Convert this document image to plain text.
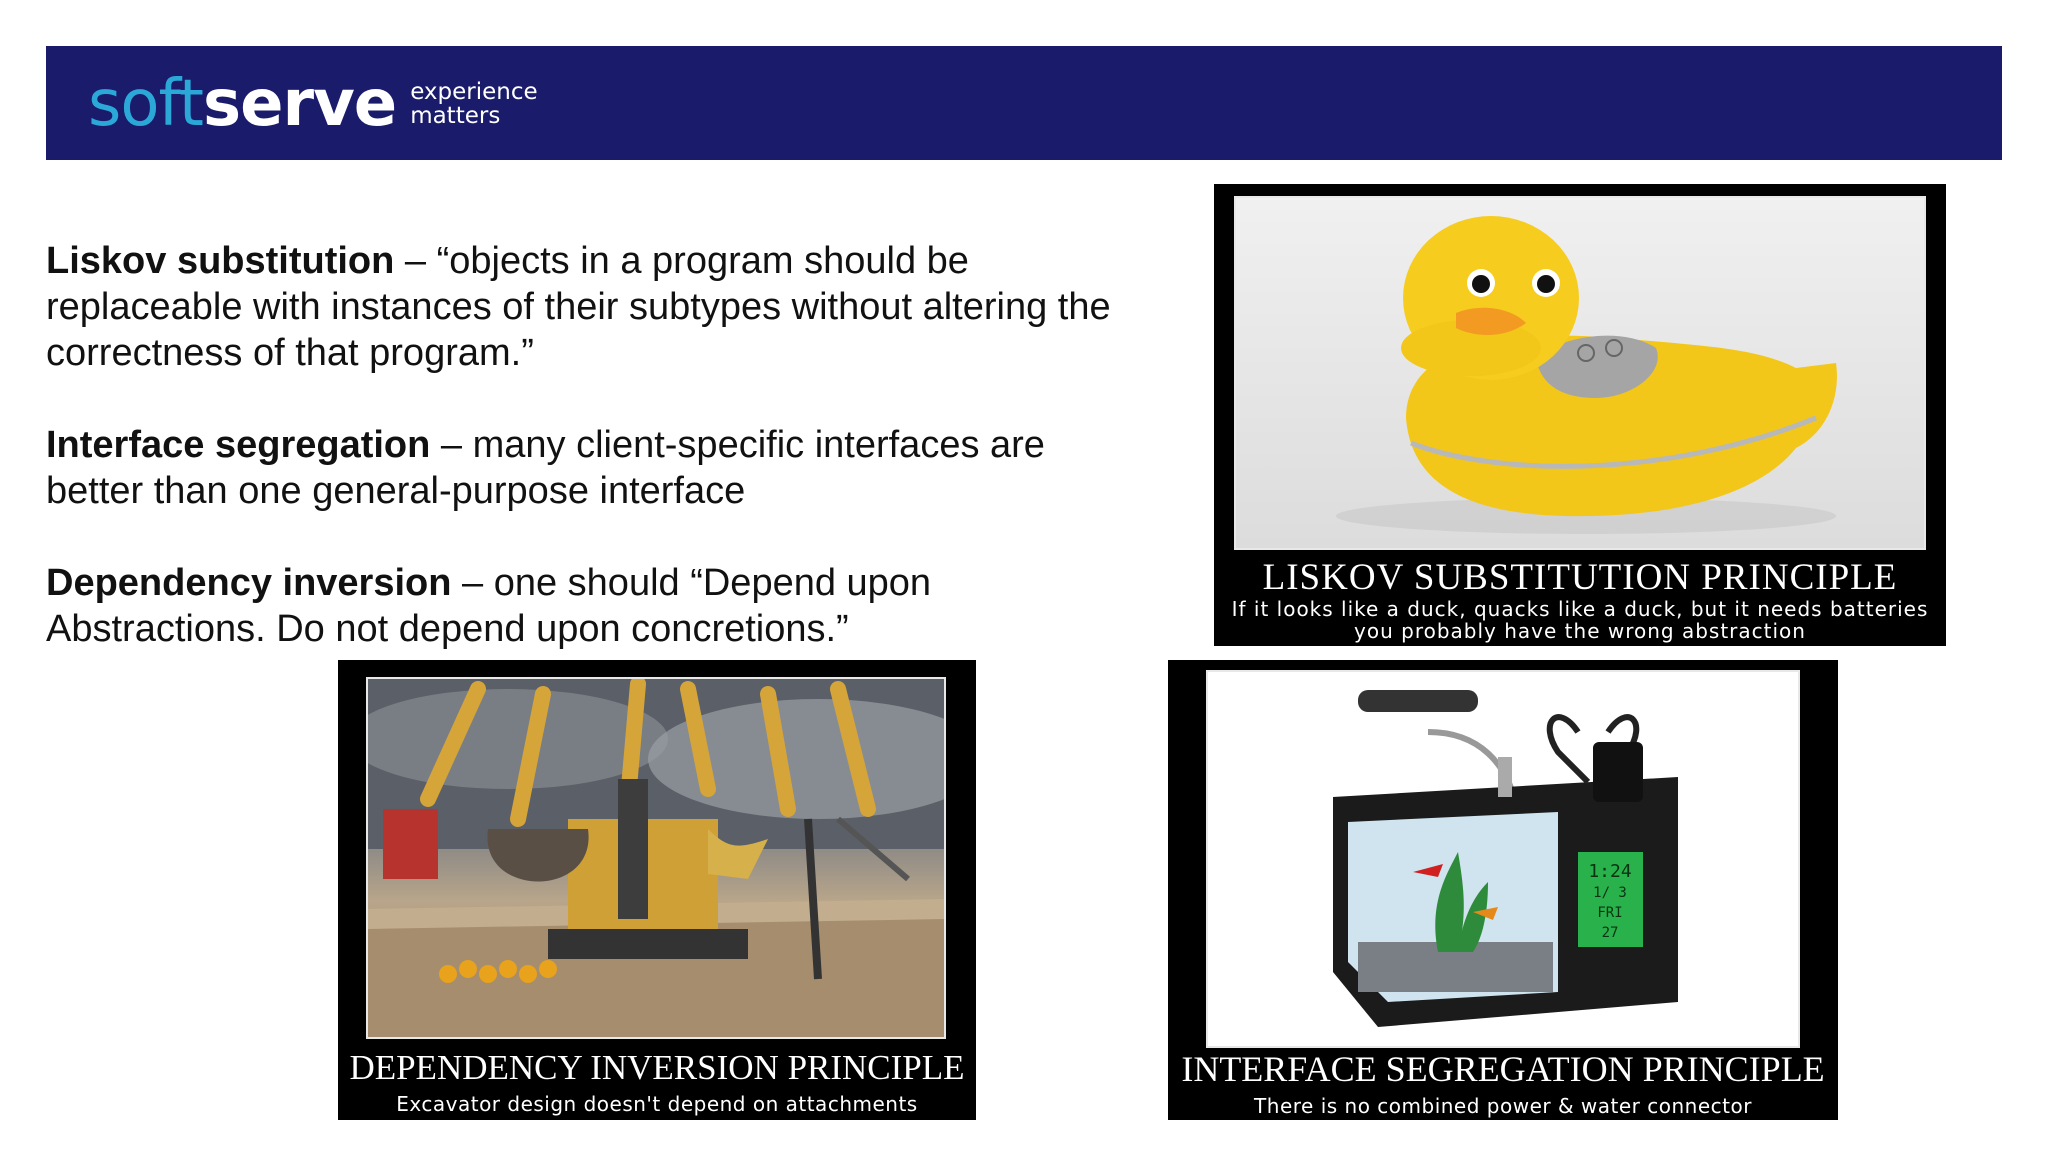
soft serve experience
matters

Liskov substitution – “objects in a program should be replaceable with instances of their subtypes without altering the correctness of that program.”

Interface segregation – many client-specific interfaces are better than one general-purpose interface

Dependency inversion – one should “Depend upon Abstractions. Do not depend upon concretions.”

LISKOV SUBSTITUTION PRINCIPLE
If it looks like a duck, quacks like a duck, but it needs batteries
you probably have the wrong abstraction
DEPENDENCY INVERSION PRINCIPLE
Excavator design doesn't depend on attachments
1:24
1/ 3
FRI
27
INTERFACE SEGREGATION PRINCIPLE
There is no combined power & water connector
